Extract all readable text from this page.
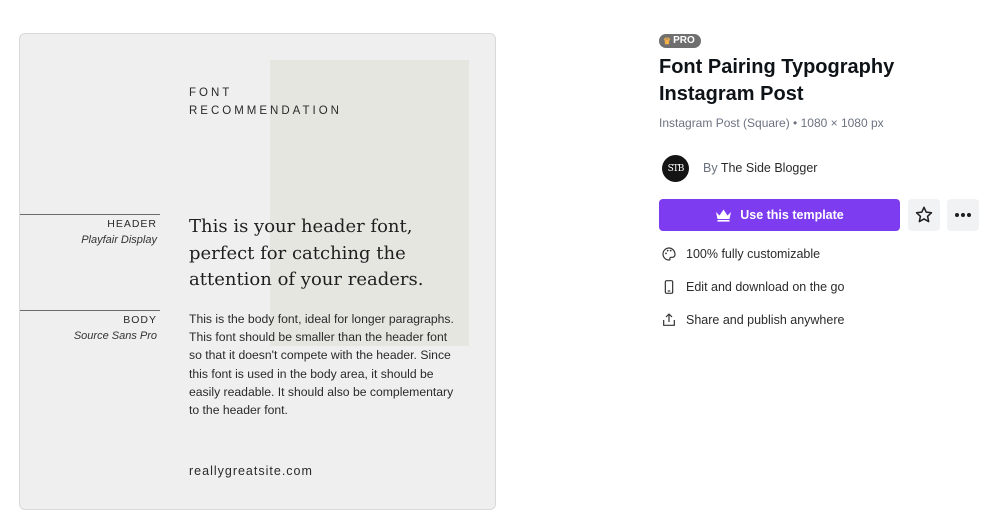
FONT
RECOMMENDATION
HEADER
Playfair Display
This is your header font, perfect for catching the attention of your readers.
BODY
Source Sans Pro
This is the body font, ideal for longer paragraphs. This font should be smaller than the header font so that it doesn't compete with the header. Since this font is used in the body area, it should be easily readable. It should also be complementary to the header font.
reallygreatsite.com
♛ PRO
Font Pairing Typography Instagram Post
Instagram Post (Square) • 1080 × 1080 px
STB By The Side Blogger
Use this template
100% fully customizable
Edit and download on the go
Share and publish anywhere
